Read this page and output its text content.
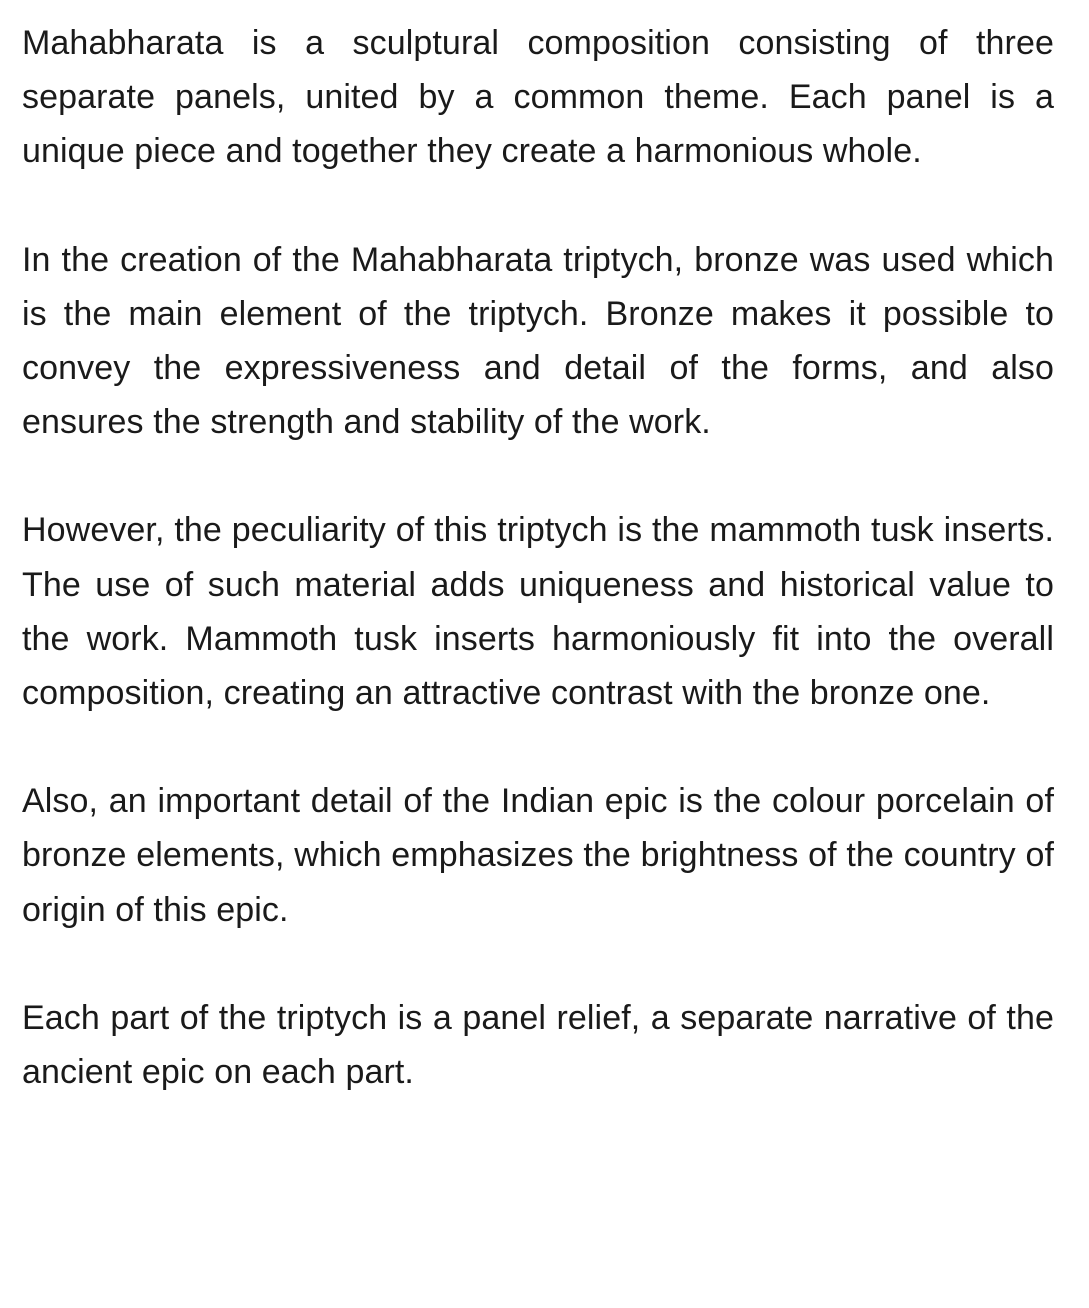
Mahabharata is a sculptural composition consisting of three separate panels, united by a common theme. Each panel is a unique piece and together they create a harmonious whole.

In the creation of the Mahabharata triptych, bronze was used which is the main element of the triptych. Bronze makes it possible to convey the expressiveness and detail of the forms, and also ensures the strength and stability of the work.

However, the peculiarity of this triptych is the mammoth tusk inserts. The use of such material adds uniqueness and historical value to the work. Mammoth tusk inserts harmoniously fit into the overall composition, creating an attractive contrast with the bronze one.

Also, an important detail of the Indian epic is the colour porcelain of bronze elements, which emphasizes the brightness of the country of origin of this epic.

Each part of the triptych is a panel relief, a separate narrative of the ancient epic on each part.
